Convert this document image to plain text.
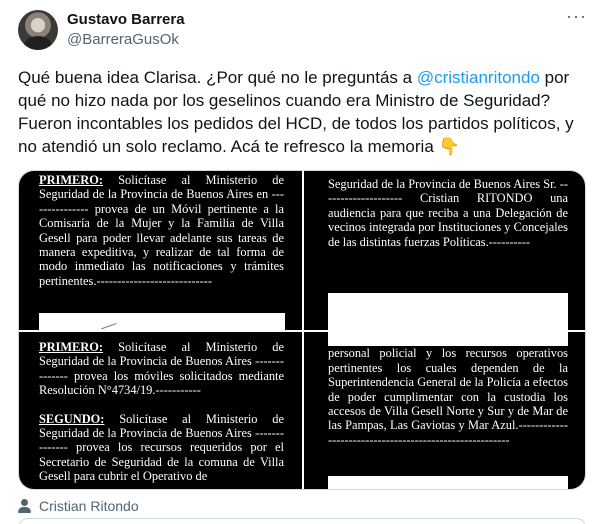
Gustavo Barrera
@BarreraGusOk
···
Qué buena idea Clarisa. ¿Por qué no le preguntás a @cristianritondo por qué no hizo nada por los geselinos cuando era Ministro de Seguridad? Fueron incontables los pedidos del HCD, de todos los partidos políticos, y no atendió un solo reclamo. Acá te refresco la memoria 👇

PRIMERO: Solicítase al Ministerio de Seguridad de la Provincia de Buenos Aires en --------------- provea de un Móvil pertinente a la Comisaría de la Mujer y la Familia de Villa Gesell para poder llevar adelante sus tareas de manera expeditiva, y realizar de tal forma de modo inmediato las notificaciones y trámites pertinentes.----------------------------

Seguridad de la Provincia de Buenos Aires Sr. -------------------- Cristian RITONDO una audiencia para que reciba a una Delegación de vecinos integrada por Instituciones y Concejales de las distintas fuerzas Políticas.----------

PRIMERO: Solicítase al Ministerio de Seguridad de la Provincia de Buenos Aires -------------- provea los móviles solicitados mediante Resolución N°4734/19.-----------

SEGUNDO: Solicítase al Ministerio de Seguridad de la Provincia de Buenos Aires -------------- provea los recursos requeridos por el Secretario de Seguridad de la comuna de Villa Gesell para cubrir el Operativo de

ARTICULO 4º: Comuníquese, dése al del personal policial y los recursos operativos pertinentes los cuales dependen de la Superintendencia General de la Policía a efectos de poder cumplimentar con la custodia los accesos de Villa Gesell Norte y Sur y de Mar de las Pampas, Las Gaviotas y Mar Azul.--------------------------------------------------------

Cristian Ritondo
